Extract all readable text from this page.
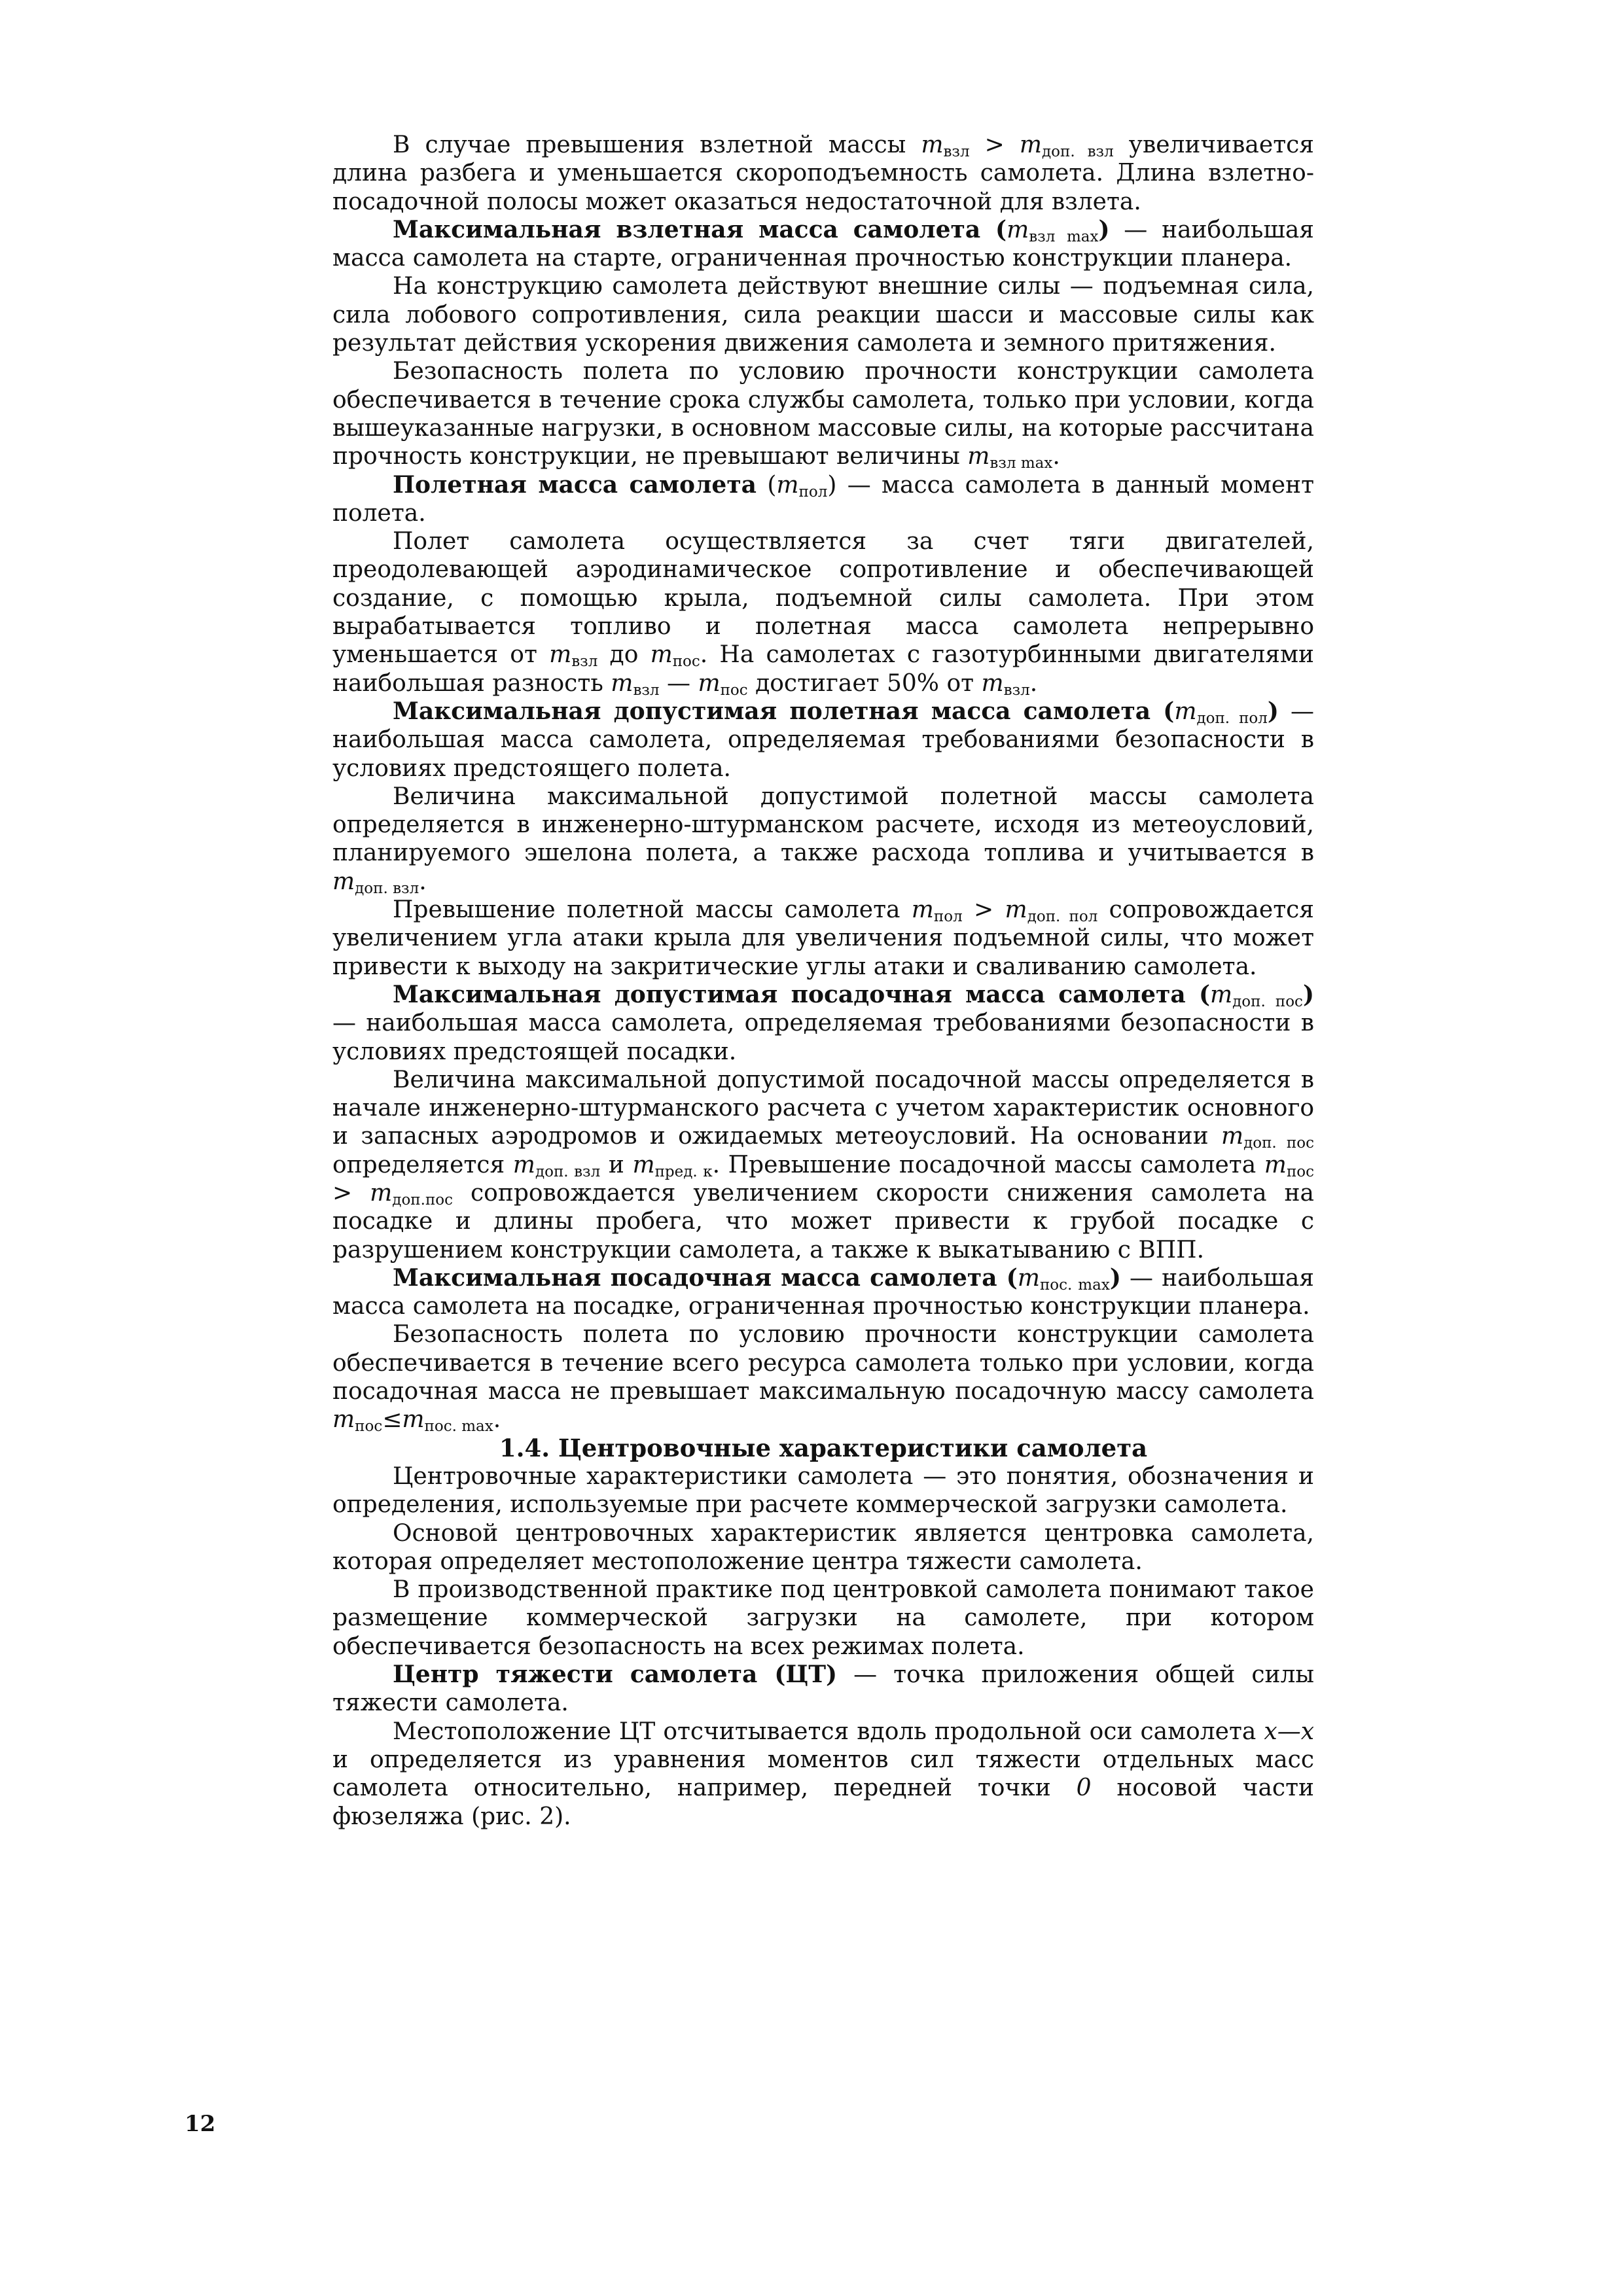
В случае превышения взлетной массы $m_{взл} > m_{доп. взл}$ увеличивается длина разбега и уменьшается скороподъемность самолета. Длина взлетно-посадочной полосы может оказаться недостаточной для взлета.

Максимальная взлетная масса самолета $(m_{взл max})$ — наибольшая масса самолета на старте, ограниченная прочностью конструкции планера.

На конструкцию самолета действуют внешние силы — подъемная сила, сила лобового сопротивления, сила реакции шасси и массовые силы как результат действия ускорения движения самолета и земного притяжения.

Безопасность полета по условию прочности конструкции самолета обеспечивается в течение срока службы самолета, только при условии, когда вышеуказанные нагрузки, в основном массовые силы, на которые рассчитана прочность конструкции, не превышают величины $m_{взл max}$.

Полетная масса самолета $(m_{пол})$ — масса самолета в данный момент полета.

Полет самолета осуществляется за счет тяги двигателей, преодолевающей аэродинамическое сопротивление и обеспечивающей создание, с помощью крыла, подъемной силы самолета. При этом вырабатывается топливо и полетная масса самолета непрерывно уменьшается от $m_{взл}$ до $m_{пос}$. На самолетах с газотурбинными двигателями наибольшая разность $m_{взл}$ — $m_{пос}$ достигает 50% от $m_{взл}$.

Максимальная допустимая полетная масса самолета $(m_{доп. пол})$ — наибольшая масса самолета, определяемая требованиями безопасности в условиях предстоящего полета.

Величина максимальной допустимой полетной массы самолета определяется в инженерно-штурманском расчете, исходя из метеоусловий, планируемого эшелона полета, а также расхода топлива и учитывается в $m_{доп. взл}$.

Превышение полетной массы самолета $m_{пол} > m_{доп. пол}$ сопровождается увеличением угла атаки крыла для увеличения подъемной силы, что может привести к выходу на закритические углы атаки и сваливанию самолета.

Максимальная допустимая посадочная масса самолета $(m_{доп. пос})$ — наибольшая масса самолета, определяемая требованиями безопасности в условиях предстоящей посадки.

Величина максимальной допустимой посадочной массы определяется в начале инженерно-штурманского расчета с учетом характеристик основного и запасных аэродромов и ожидаемых метеоусловий. На основании $m_{доп. пос}$ определяется $m_{доп. взл}$ и $m_{пред. к}$. Превышение посадочной массы самолета $m_{пос} > m_{доп.пос}$ сопровождается увеличением скорости снижения самолета на посадке и длины пробега, что может привести к грубой посадке с разрушением конструкции самолета, а также к выкатыванию с ВПП.

Максимальная посадочная масса самолета $(m_{пос. max})$ — наибольшая масса самолета на посадке, ограниченная прочностью конструкции планера.

Безопасность полета по условию прочности конструкции самолета обеспечивается в течение всего ресурса самолета только при условии, когда посадочная масса не превышает максимальную посадочную массу самолета $m_{пос}\le m_{пос. max}$.

1.4. Центровочные характеристики самолета

Центровочные характеристики самолета — это понятия, обозначения и определения, используемые при расчете коммерческой загрузки самолета.

Основой центровочных характеристик является центровка самолета, которая определяет местоположение центра тяжести самолета.

В производственной практике под центровкой самолета понимают такое размещение коммерческой загрузки на самолете, при котором обеспечивается безопасность на всех режимах полета.

Центр тяжести самолета (ЦТ) — точка приложения общей силы тяжести самолета.

Местоположение ЦТ отсчитывается вдоль продольной оси самолета x—x и определяется из уравнения моментов сил тяжести отдельных масс самолета относительно, например, передней точки 0 носовой части фюзеляжа (рис. 2).

12
